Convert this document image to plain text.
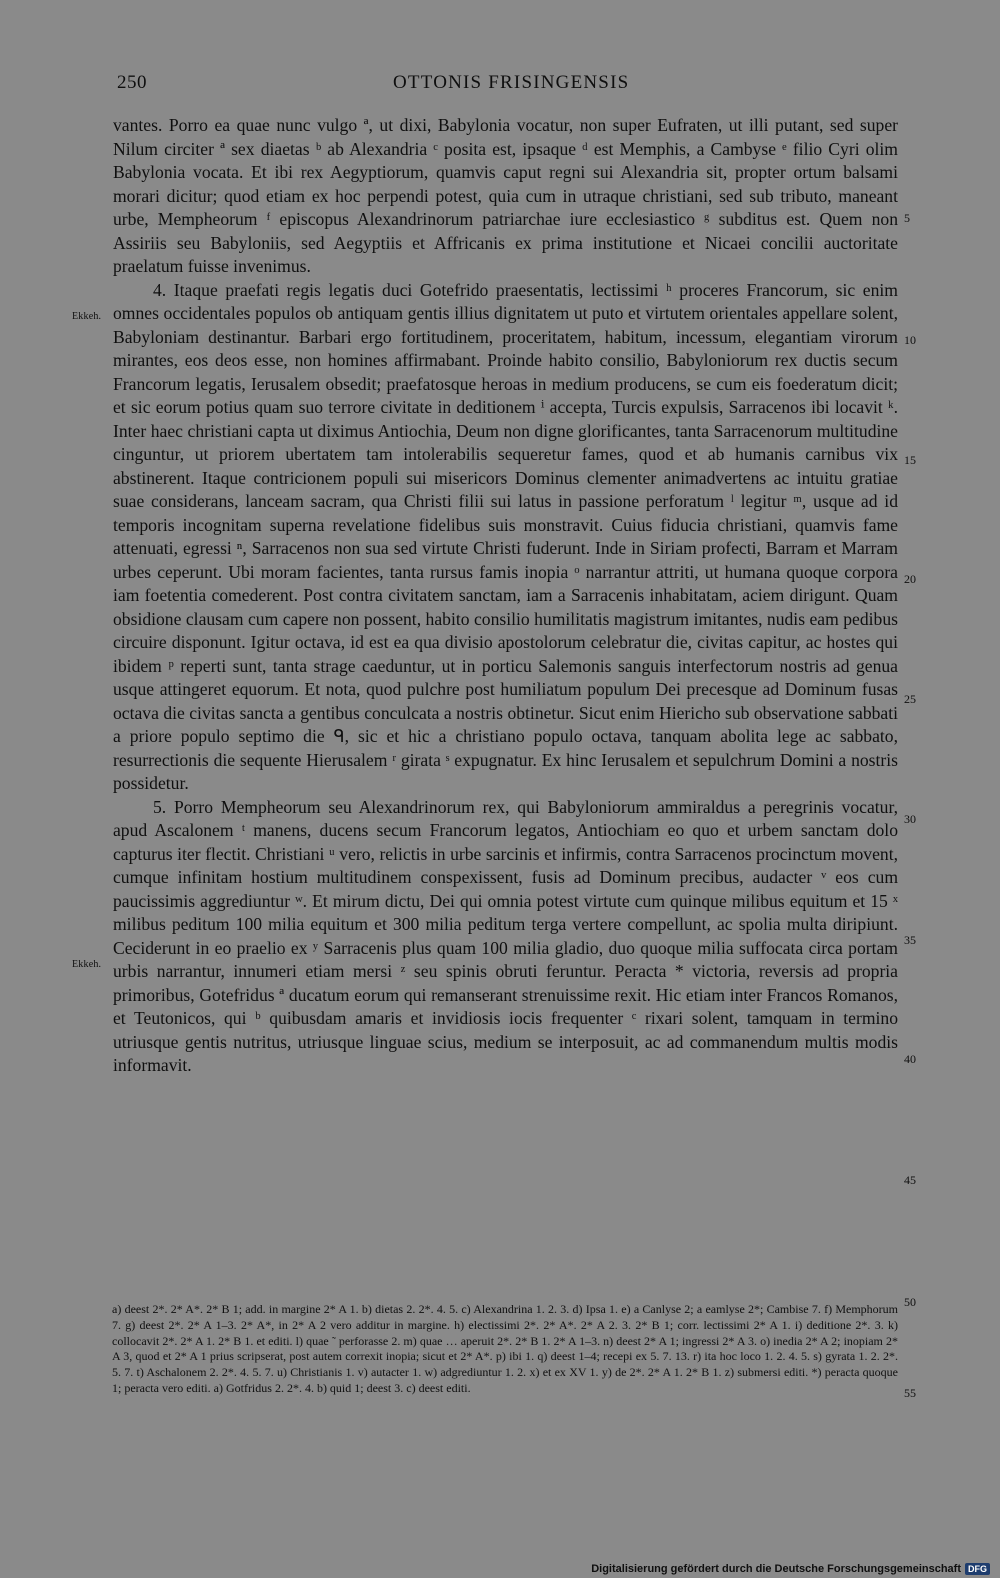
250	OTTONIS FRISINGENSIS
Ekkeh.
Ekkeh.
5
10
15
20
25
30
35
40
45
50
55

vantes. Porro ea quae nunc vulgo ª, ut dixi, Babylonia vocatur, non super Eufraten, ut illi putant, sed super Nilum circiter ª sex diaetas ᵇ ab Alexandria ᶜ posita est, ipsaque ᵈ est Memphis, a Cambyse ᵉ filio Cyri olim Babylonia vocata. Et ibi rex Aegyptiorum, quamvis caput regni sui Alexandria sit, propter ortum balsami morari dicitur; quod etiam ex hoc perpendi potest, quia cum in utraque christiani, sed sub tributo, maneant urbe, Mempheorum ᶠ episcopus Alexandrinorum patriarchae iure ecclesiastico ᵍ subditus est. Quem non Assiriis seu Babyloniis, sed Aegyptiis et Affricanis ex prima institutione et Nicaei concilii auctoritate praelatum fuisse invenimus.

4. Itaque praefati regis legatis duci Gotefrido praesentatis, lectissimi ʰ proceres Francorum, sic enim omnes occidentales populos ob antiquam gentis illius dignitatem ut puto et virtutem orientales appellare solent, Babyloniam destinantur. Barbari ergo fortitudinem, proceritatem, habitum, incessum, elegantiam virorum mirantes, eos deos esse, non homines affirmabant. Proinde habito consilio, Babyloniorum rex ductis secum Francorum legatis, Ierusalem obsedit; praefatosque heroas in medium producens, se cum eis foederatum dicit; et sic eorum potius quam suo terrore civitate in deditionem ⁱ accepta, Turcis expulsis, Sarracenos ibi locavit ᵏ. Inter haec christiani capta ut diximus Antiochia, Deum non digne glorificantes, tanta Sarracenorum multitudine cinguntur, ut priorem ubertatem tam intolerabilis sequeretur fames, quod et ab humanis carnibus vix abstinerent. Itaque contricionem populi sui misericors Dominus clementer animadvertens ac intuitu gratiae suae considerans, lanceam sacram, qua Christi filii sui latus in passione perforatum ˡ legitur ᵐ, usque ad id temporis incognitam superna revelatione fidelibus suis monstravit. Cuius fiducia christiani, quamvis fame attenuati, egressi ⁿ, Sarracenos non sua sed virtute Christi fuderunt. Inde in Siriam profecti, Barram et Marram urbes ceperunt. Ubi moram facientes, tanta rursus famis inopia ᵒ narrantur attriti, ut humana quoque corpora iam foetentia comederent. Post contra civitatem sanctam, iam a Sarracenis inhabitatam, aciem dirigunt. Quam obsidione clausam cum capere non possent, habito consilio humilitatis magistrum imitantes, nudis eam pedibus circuire disponunt. Igitur octava, id est ea qua divisio apostolorum celebratur die, civitas capitur, ac hostes qui ibidem ᵖ reperti sunt, tanta strage caeduntur, ut in porticu Salemonis sanguis interfectorum nostris ad genua usque attingeret equorum. Et nota, quod pulchre post humiliatum populum Dei precesque ad Dominum fusas octava die civitas sancta a gentibus conculcata a nostris obtinetur. Sicut enim Hiericho sub observatione sabbati a priore populo septimo die ᑫ, sic et hic a christiano populo octava, tanquam abolita lege ac sabbato, resurrectionis die sequente Hierusalem ʳ girata ˢ expugnatur. Ex hinc Ierusalem et sepulchrum Domini a nostris possidetur.

5. Porro Mempheorum seu Alexandrinorum rex, qui Babyloniorum ammiraldus a peregrinis vocatur, apud Ascalonem ᵗ manens, ducens secum Francorum legatos, Antiochiam eo quo et urbem sanctam dolo capturus iter flectit. Christiani ᵘ vero, relictis in urbe sarcinis et infirmis, contra Sarracenos procinctum movent, cumque infinitam hostium multitudinem conspexissent, fusis ad Dominum precibus, audacter ᵛ eos cum paucissimis aggrediuntur ʷ. Et mirum dictu, Dei qui omnia potest virtute cum quinque milibus equitum et 15 ˣ milibus peditum 100 milia equitum et 300 milia peditum terga vertere compellunt, ac spolia multa diripiunt. Ceciderunt in eo praelio ex ʸ Sarracenis plus quam 100 milia gladio, duo quoque milia suffocata circa portam urbis narrantur, innumeri etiam mersi ᶻ seu spinis obruti feruntur. Peracta * victoria, reversis ad propria primoribus, Gotefridus ª ducatum eorum qui remanserant strenuissime rexit. Hic etiam inter Francos Romanos, et Teutonicos, qui ᵇ quibusdam amaris et invidiosis iocis frequenter ᶜ rixari solent, tamquam in termino utriusque gentis nutritus, utriusque linguae scius, medium se interposuit, ac ad commanendum multis modis informavit.

a) deest 2*. 2* A*. 2* B 1; add. in margine 2* A 1. b) dietas 2. 2*. 4. 5. c) Alexandrina 1. 2. 3. d) Ipsa 1. e) a Canlyse 2; a eamlyse 2*; Cambise 7. f) Memphorum 7. g) deest 2*. 2* A 1–3. 2* A*, in 2* A 2 vero additur in margine. h) electissimi 2*. 2* A*. 2* A 2. 3. 2* B 1; corr. lectissimi 2* A 1. i) deditione 2*. 3. k) collocavit 2*. 2* A 1. 2* B 1. et editi. l) quae ˜ perforasse 2. m) quae … aperuit 2*. 2* B 1. 2* A 1–3. n) deest 2* A 1; ingressi 2* A 3. o) inedia 2* A 2; inopiam 2* A 3, quod et 2* A 1 prius scripserat, post autem correxit inopia; sicut et 2* A*. p) ibi 1. q) deest 1–4; recepi ex 5. 7. 13. r) ita hoc loco 1. 2. 4. 5. s) gyrata 1. 2. 2*. 5. 7. t) Aschalonem 2. 2*. 4. 5. 7. u) Christianis 1. v) autacter 1. w) adgrediuntur 1. 2. x) et ex XV 1. y) de 2*. 2* A 1. 2* B 1. z) submersi editi. *) peracta quoque 1; peracta vero editi. a) Gotfridus 2. 2*. 4. b) quid 1; deest 3. c) deest editi.
Digitalisierung gefördert durch die Deutsche Forschungsgemeinschaft DFG
